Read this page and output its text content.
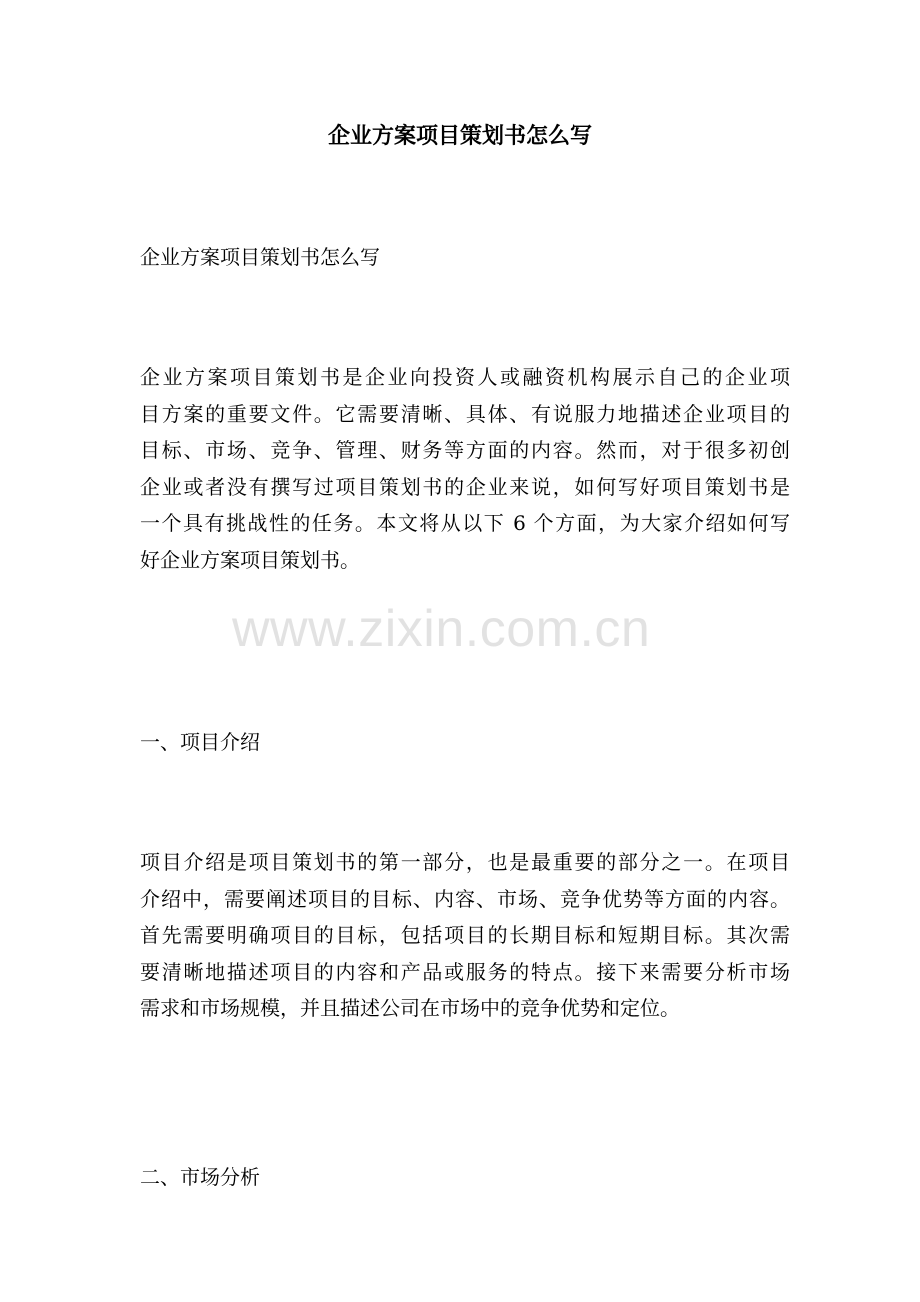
企业方案项目策划书怎么写

企业方案项目策划书怎么写

企业方案项目策划书是企业向投资人或融资机构展示自己的企业项
目方案的重要文件。它需要清晰、具体、有说服力地描述企业项目的
目标、市场、竞争、管理、财务等方面的内容。然而，对于很多初创
企业或者没有撰写过项目策划书的企业来说，如何写好项目策划书是
一个具有挑战性的任务。本文将从以下 6 个方面，为大家介绍如何写
好企业方案项目策划书。

一、项目介绍

项目介绍是项目策划书的第一部分，也是最重要的部分之一。在项目
介绍中，需要阐述项目的目标、内容、市场、竞争优势等方面的内容。
首先需要明确项目的目标，包括项目的长期目标和短期目标。其次需
要清晰地描述项目的内容和产品或服务的特点。接下来需要分析市场
需求和市场规模，并且描述公司在市场中的竞争优势和定位。

二、市场分析

www.zixin.com.cn
